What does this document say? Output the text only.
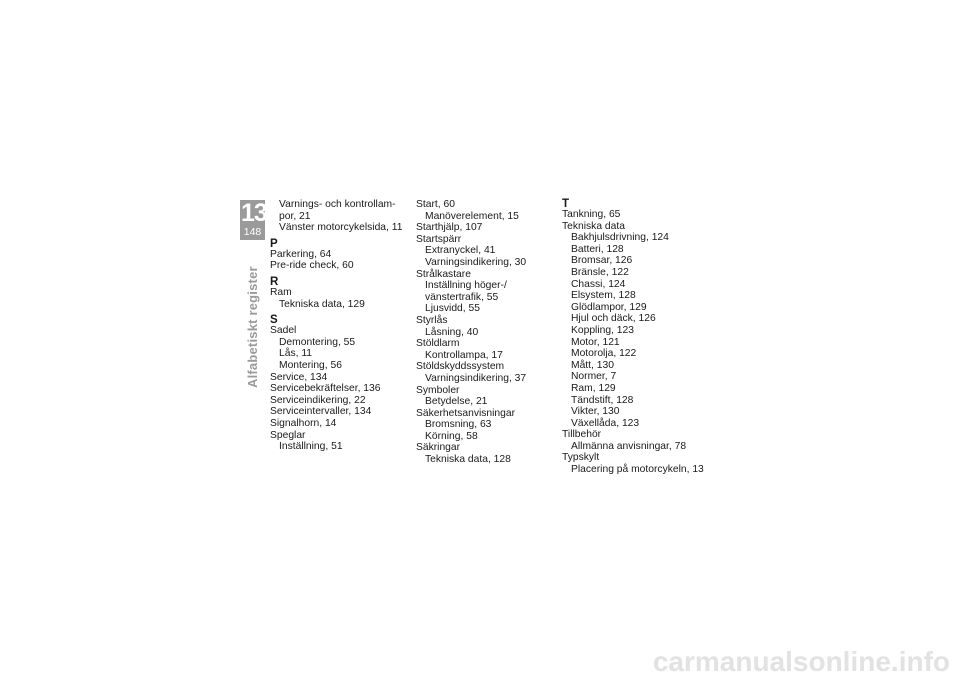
13
148
Alfabetiskt register
Varnings- och kontrollam-
por, 21
Vänster motorcykelsida, 11
P
Parkering, 64
Pre-ride check, 60
R
Ram
Tekniska data, 129
S
Sadel
Demontering, 55
Lås, 11
Montering, 56
Service, 134
Servicebekräftelser, 136
Serviceindikering, 22
Serviceintervaller, 134
Signalhorn, 14
Speglar
Inställning, 51
Start, 60
Manöverelement, 15
Starthjälp, 107
Startspärr
Extranyckel, 41
Varningsindikering, 30
Strålkastare
Inställning höger-/
vänstertrafik, 55
Ljusvidd, 55
Styrlås
Låsning, 40
Stöldlarm
Kontrollampa, 17
Stöldskyddssystem
Varningsindikering, 37
Symboler
Betydelse, 21
Säkerhetsanvisningar
Bromsning, 63
Körning, 58
Säkringar
Tekniska data, 128
T
Tankning, 65
Tekniska data
Bakhjulsdrivning, 124
Batteri, 128
Bromsar, 126
Bränsle, 122
Chassi, 124
Elsystem, 128
Glödlampor, 129
Hjul och däck, 126
Koppling, 123
Motor, 121
Motorolja, 122
Mått, 130
Normer, 7
Ram, 129
Tändstift, 128
Vikter, 130
Växellåda, 123
Tillbehör
Allmänna anvisningar, 78
Typskylt
Placering på motorcykeln, 13
carmanualsonline.info
